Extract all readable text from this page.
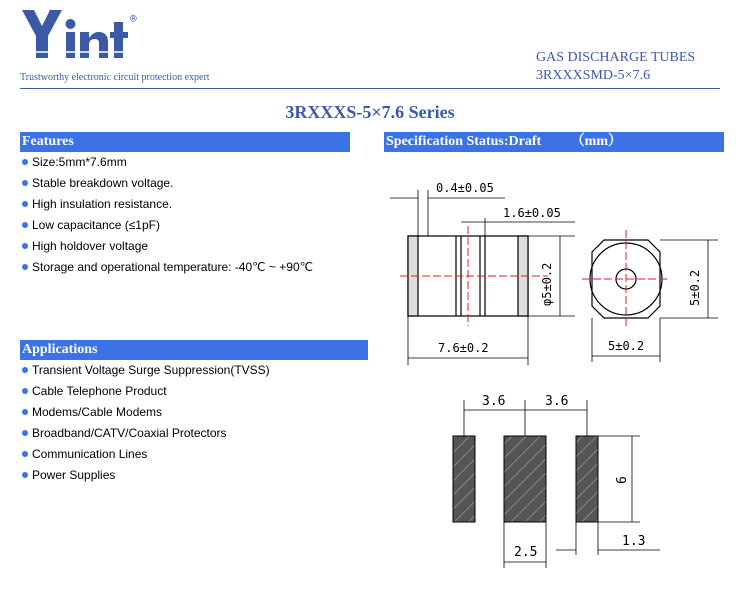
®
Trustworthy electronic circuit protection expert
GAS DISCHARGE TUBES
3RXXXSMD-5×7.6
3RXXXS-5×7.6 Series
Features
Size:5mm*7.6mm
Stable breakdown voltage.
High insulation resistance.
Low capacitance (≤1pF)
High holdover voltage
Storage and operational temperature: -40℃ ~ +90℃
Applications
Transient Voltage Surge Suppression(TVSS)
Cable Telephone Product
Modems/Cable Modems
Broadband/CATV/Coaxial Protectors
Communication Lines
Power Supplies
Specification Status:Draft （mm）
0.4±0.05
1.6±0.05
φ5±0.2
7.6±0.2
5±0.2
5±0.2
3.6	3.6
6
2.5
1.3
